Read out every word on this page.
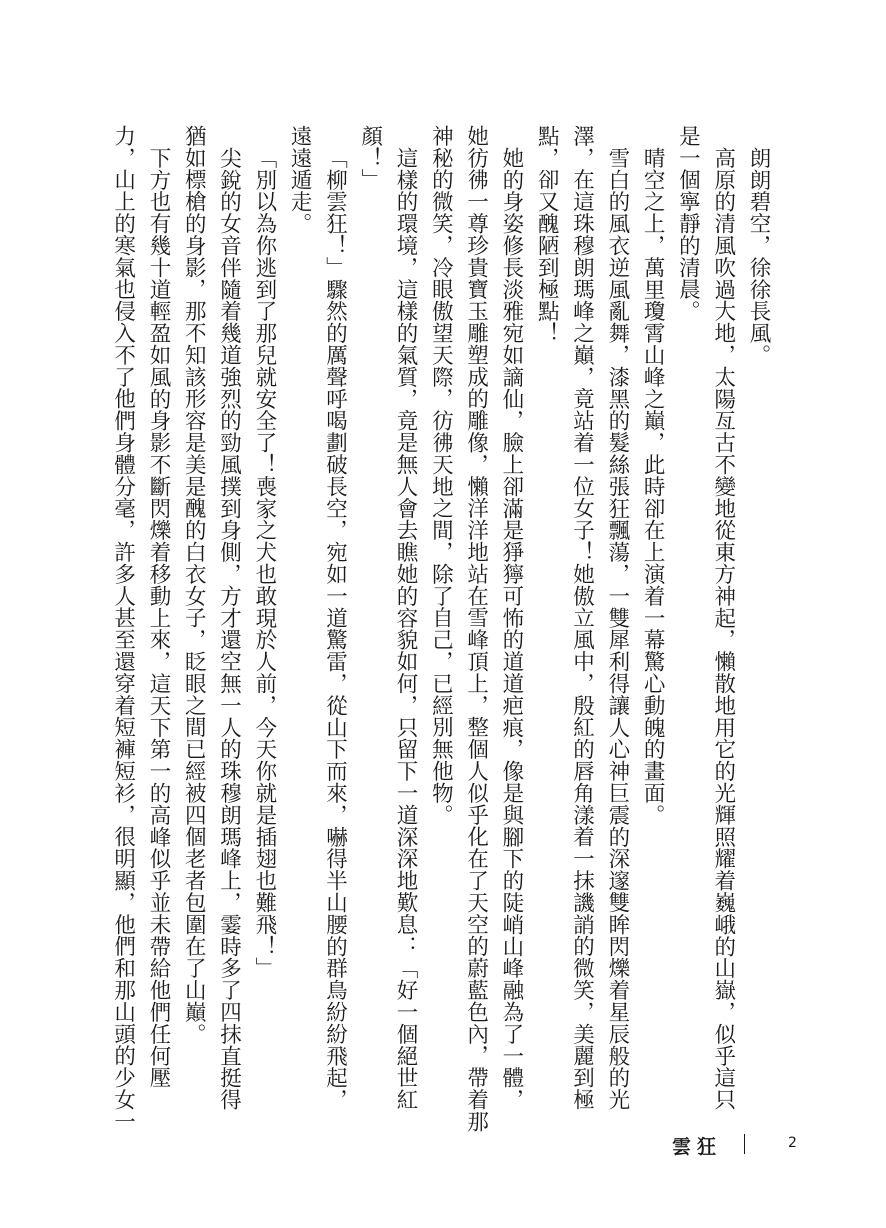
朗朗碧空，徐徐長風。

高原的清風吹過大地，太陽亙古不變地從東方神起，懶散地用它的光輝照耀着巍峨的山嶽，似乎這只

是一個寧靜的清晨。

晴空之上，萬里瓊霄山峰之巔，此時卻在上演着一幕驚心動魄的畫面。

雪白的風衣逆風亂舞，漆黑的髮絲張狂飄蕩，一雙犀利得讓人心神巨震的深邃雙眸閃爍着星辰般的光

澤，在這珠穆朗瑪峰之巔，竟站着一位女子！她傲立風中，殷紅的唇角漾着一抹譏誚的微笑，美麗到極

點，卻又醜陋到極點！

她的身姿修長淡雅宛如謫仙，臉上卻滿是猙獰可怖的道道疤痕，像是與腳下的陡峭山峰融為了一體，

她彷彿一尊珍貴寶玉雕塑成的雕像，懶洋洋地站在雪峰頂上，整個人似乎化在了天空的蔚藍色內，帶着那

神秘的微笑，冷眼傲望天際，彷彿天地之間，除了自己，已經別無他物。

這樣的環境，這樣的氣質，竟是無人會去瞧她的容貌如何，只留下一道深深地歎息：「好一個絕世紅

顏！」

「柳雲狂！」驟然的厲聲呼喝劃破長空，宛如一道驚雷，從山下而來，嚇得半山腰的群鳥紛紛飛起，

遠遠遁走。

「別以為你逃到了那兒就安全了！喪家之犬也敢現於人前，今天你就是插翅也難飛！」

尖銳的女音伴隨着幾道強烈的勁風撲到身側，方才還空無一人的珠穆朗瑪峰上，霎時多了四抹直挺得

猶如標槍的身影，那不知該形容是美是醜的白衣女子，眨眼之間已經被四個老者包圍在了山巔。

下方也有幾十道輕盈如風的身影不斷閃爍着移動上來，這天下第一的高峰似乎並未帶給他們任何壓

力，山上的寒氣也侵入不了他們身體分毫，許多人甚至還穿着短褲短衫，很明顯，他們和那山頭的少女一

雲狂	2
